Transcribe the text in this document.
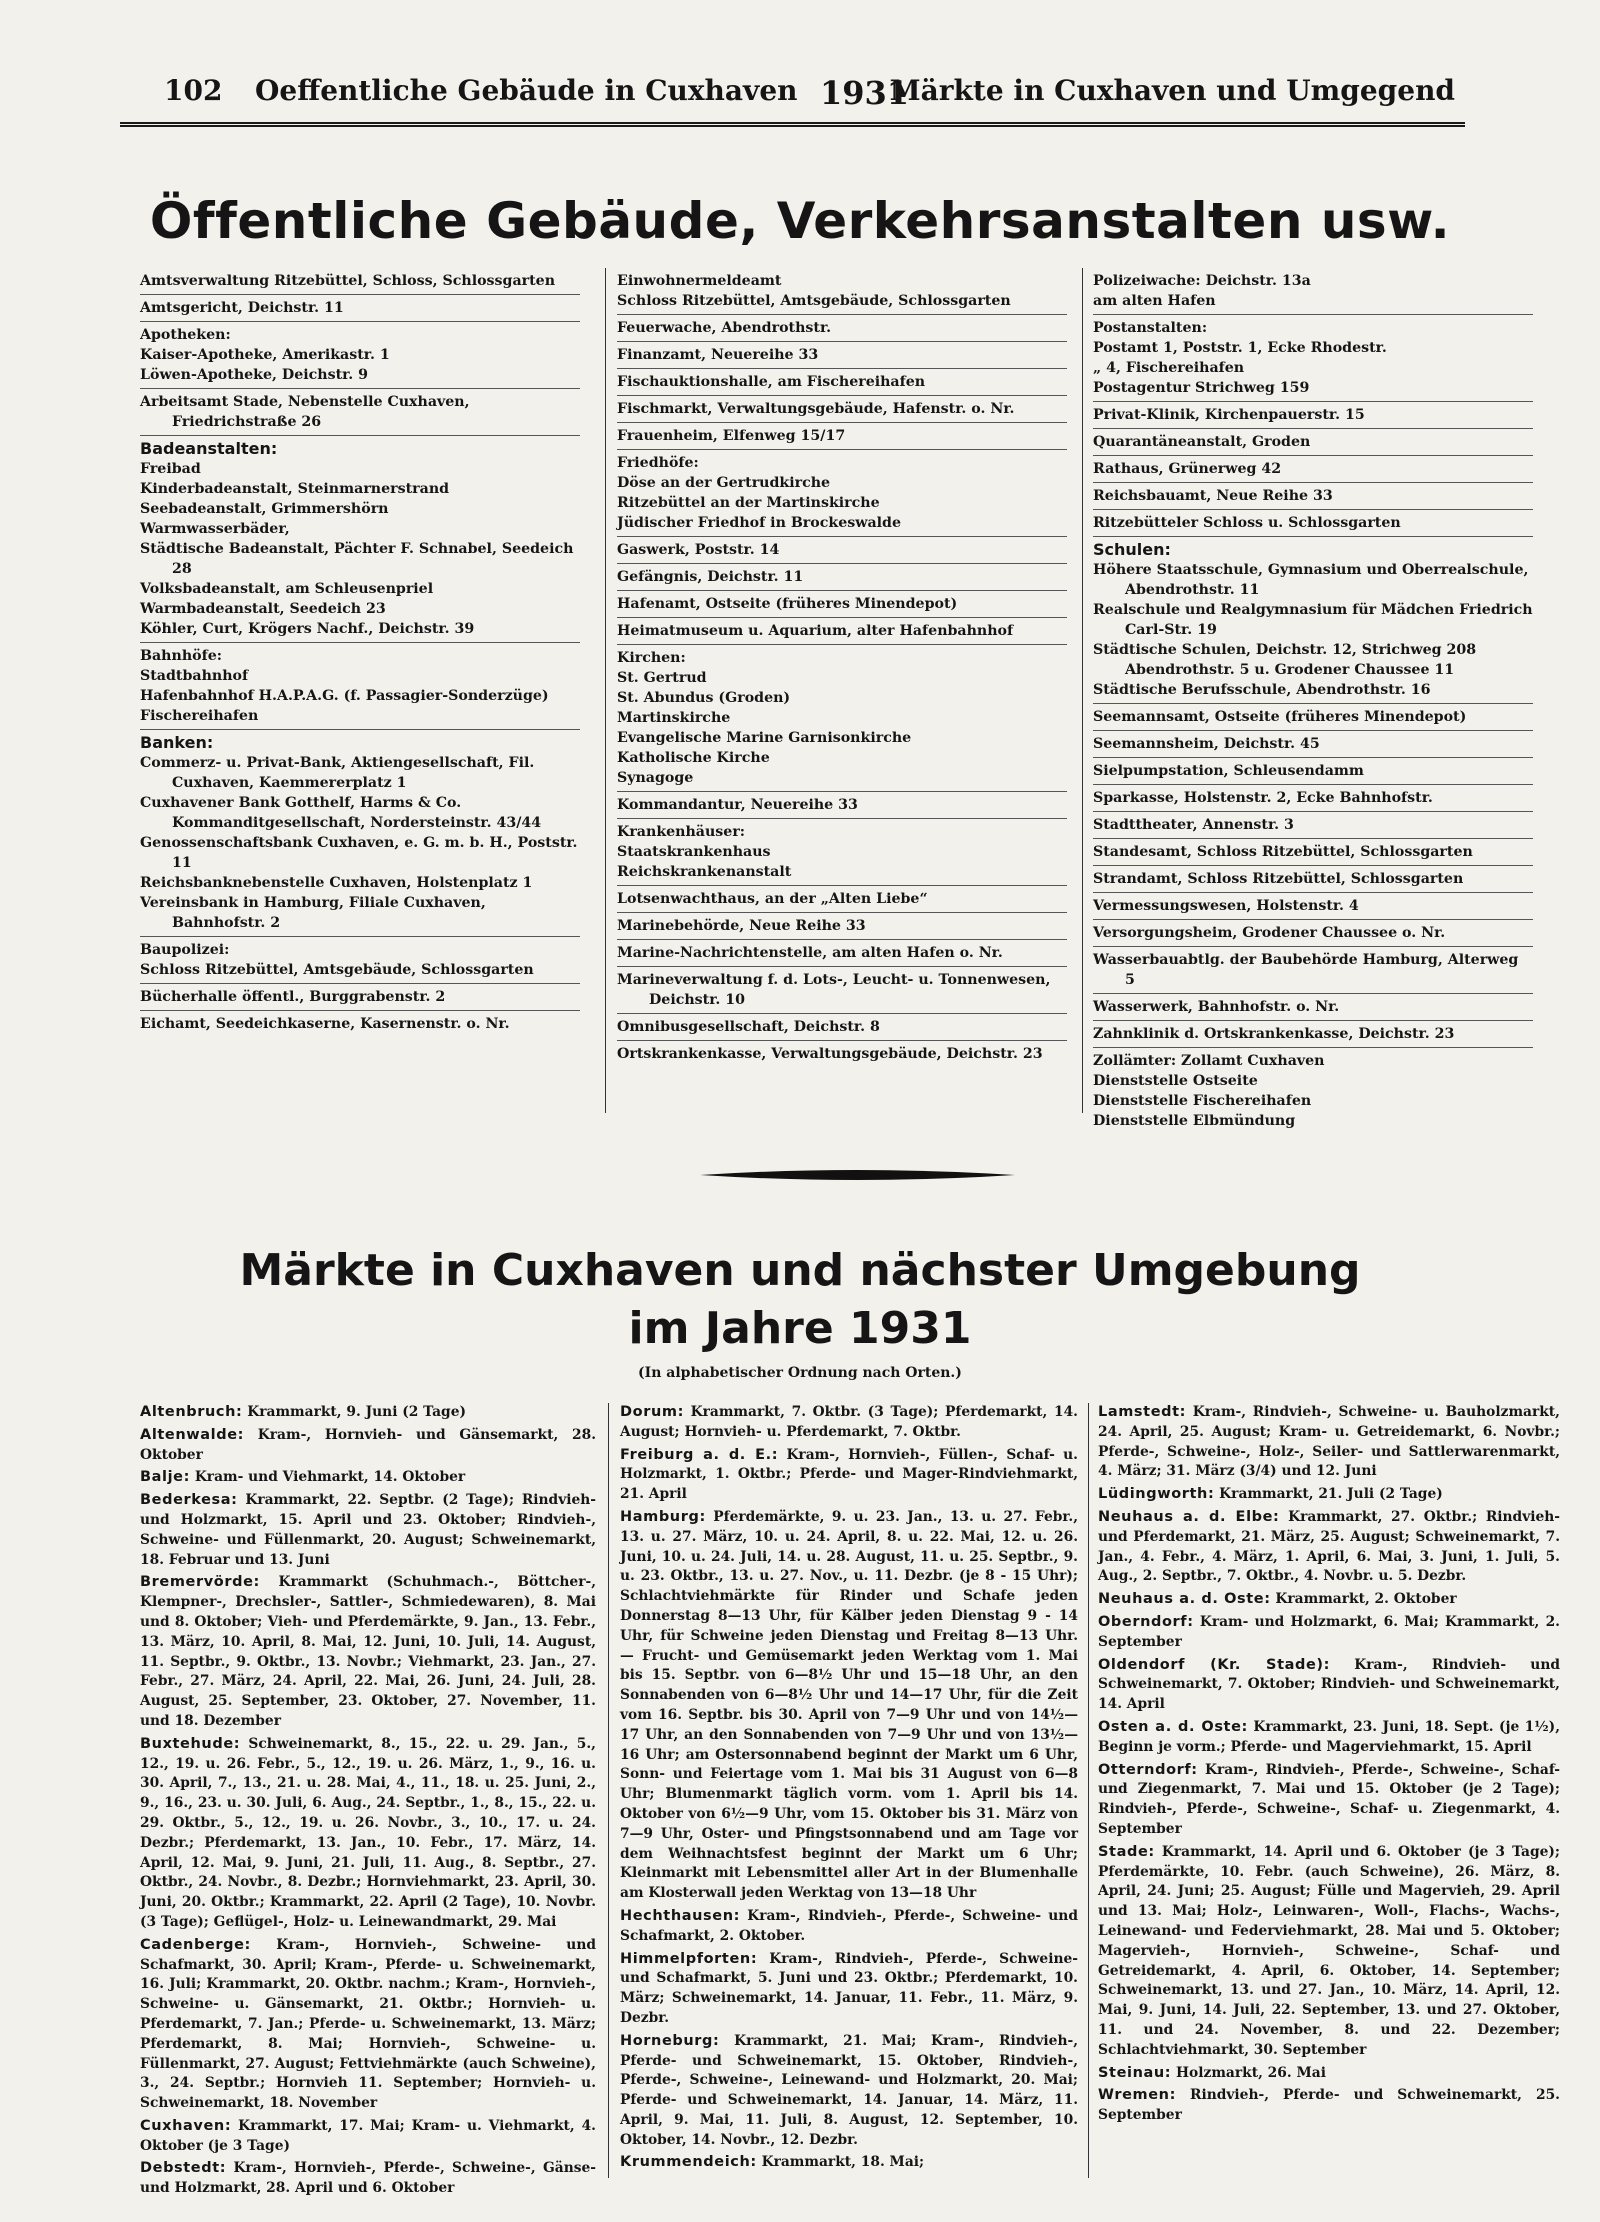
102 Oeffentliche Gebäude in Cuxhaven 1931
Märkte in Cuxhaven und Umgegend
Öffentliche Gebäude, Verkehrsanstalten usw.
Amtsverwaltung Ritzebüttel, Schloss, Schlossgarten
Amtsgericht, Deichstr. 11
Apotheken:
Kaiser-Apotheke, Amerikastr. 1
Löwen-Apotheke, Deichstr. 9
Arbeitsamt Stade, Nebenstelle Cuxhaven, Friedrichstraße 26
Badeanstalten:
Freibad
Kinderbadeanstalt, Steinmarnerstrand
Seebadeanstalt, Grimmershörn
Warmwasserbäder,
Städtische Badeanstalt, Pächter F. Schnabel, Seedeich 28
Volksbadeanstalt, am Schleusenpriel
Warmbadeanstalt, Seedeich 23
Köhler, Curt, Krögers Nachf., Deichstr. 39
Bahnhöfe:
Stadtbahnhof
Hafenbahnhof H.A.P.A.G. (f. Passagier-Sonderzüge)
Fischereihafen
Banken:
Commerz- u. Privat-Bank, Aktiengesellschaft, Fil. Cuxhaven, Kaemmererplatz 1
Cuxhavener Bank Gotthelf, Harms & Co. Kommanditgesellschaft, Nordersteinstr. 43/44
Genossenschaftsbank Cuxhaven, e. G. m. b. H., Poststr. 11
Reichsbanknebenstelle Cuxhaven, Holstenplatz 1
Vereinsbank in Hamburg, Filiale Cuxhaven, Bahnhofstr. 2
Baupolizei:
Schloss Ritzebüttel, Amtsgebäude, Schlossgarten
Bücherhalle öffentl., Burggrabenstr. 2
Eichamt, Seedeichkaserne, Kasernenstr. o. Nr.
Einwohnermeldeamt
Schloss Ritzebüttel, Amtsgebäude, Schlossgarten
Feuerwache, Abendrothstr.
Finanzamt, Neuereihe 33
Fischauktionshalle, am Fischereihafen
Fischmarkt, Verwaltungsgebäude, Hafenstr. o. Nr.
Frauenheim, Elfenweg 15/17
Friedhöfe:
Döse an der Gertrudkirche
Ritzebüttel an der Martinskirche
Jüdischer Friedhof in Brockeswalde
Gaswerk, Poststr. 14
Gefängnis, Deichstr. 11
Hafenamt, Ostseite (früheres Minendepot)
Heimatmuseum u. Aquarium, alter Hafenbahnhof
Kirchen:
St. Gertrud
St. Abundus (Groden)
Martinskirche
Evangelische Marine Garnisonkirche
Katholische Kirche
Synagoge
Kommandantur, Neuereihe 33
Krankenhäuser:
Staatskrankenhaus
Reichskrankenanstalt
Lotsenwachthaus, an der „Alten Liebe“
Marinebehörde, Neue Reihe 33
Marine-Nachrichtenstelle, am alten Hafen o. Nr.
Marineverwaltung f. d. Lots-, Leucht- u. Tonnenwesen, Deichstr. 10
Omnibusgesellschaft, Deichstr. 8
Ortskrankenkasse, Verwaltungsgebäude, Deichstr. 23
Polizeiwache: Deichstr. 13a
am alten Hafen
Postanstalten:
Postamt 1, Poststr. 1, Ecke Rhodestr.
„ 4, Fischereihafen
Postagentur Strichweg 159
Privat-Klinik, Kirchenpauerstr. 15
Quarantäneanstalt, Groden
Rathaus, Grünerweg 42
Reichsbauamt, Neue Reihe 33
Ritzebütteler Schloss u. Schlossgarten
Schulen:
Höhere Staatsschule, Gymnasium und Oberrealschule, Abendrothstr. 11
Realschule und Realgymnasium für Mädchen Friedrich Carl-Str. 19
Städtische Schulen, Deichstr. 12, Strichweg 208 Abendrothstr. 5 u. Grodener Chaussee 11
Städtische Berufsschule, Abendrothstr. 16
Seemannsamt, Ostseite (früheres Minendepot)
Seemannsheim, Deichstr. 45
Sielpumpstation, Schleusendamm
Sparkasse, Holstenstr. 2, Ecke Bahnhofstr.
Stadttheater, Annenstr. 3
Standesamt, Schloss Ritzebüttel, Schlossgarten
Strandamt, Schloss Ritzebüttel, Schlossgarten
Vermessungswesen, Holstenstr. 4
Versorgungsheim, Grodener Chaussee o. Nr.
Wasserbauabtlg. der Baubehörde Hamburg, Alterweg 5
Wasserwerk, Bahnhofstr. o. Nr.
Zahnklinik d. Ortskrankenkasse, Deichstr. 23
Zollämter: Zollamt Cuxhaven
Dienststelle Ostseite
Dienststelle Fischereihafen
Dienststelle Elbmündung
Märkte in Cuxhaven und nächster Umgebung
im Jahre 1931
(In alphabetischer Ordnung nach Orten.)
Altenbruch: Krammarkt, 9. Juni (2 Tage)
Altenwalde: Kram-, Hornvieh- und Gänsemarkt, 28. Oktober
Balje: Kram- und Viehmarkt, 14. Oktober
Bederkesa: Krammarkt, 22. Septbr. (2 Tage); Rindvieh- und Holzmarkt, 15. April und 23. Oktober; Rindvieh-, Schweine- und Füllenmarkt, 20. August; Schweinemarkt, 18. Februar und 13. Juni
Bremervörde: Krammarkt (Schuhmach.-, Böttcher-, Klempner-, Drechsler-, Sattler-, Schmiedewaren), 8. Mai und 8. Oktober; Vieh- und Pferdemärkte, 9. Jan., 13. Febr., 13. März, 10. April, 8. Mai, 12. Juni, 10. Juli, 14. August, 11. Septbr., 9. Oktbr., 13. Novbr.; Viehmarkt, 23. Jan., 27. Febr., 27. März, 24. April, 22. Mai, 26. Juni, 24. Juli, 28. August, 25. September, 23. Oktober, 27. November, 11. und 18. Dezember
Buxtehude: Schweinemarkt, 8., 15., 22. u. 29. Jan., 5., 12., 19. u. 26. Febr., 5., 12., 19. u. 26. März, 1., 9., 16. u. 30. April, 7., 13., 21. u. 28. Mai, 4., 11., 18. u. 25. Juni, 2., 9., 16., 23. u. 30. Juli, 6. Aug., 24. Septbr., 1., 8., 15., 22. u. 29. Oktbr., 5., 12., 19. u. 26. Novbr., 3., 10., 17. u. 24. Dezbr.; Pferdemarkt, 13. Jan., 10. Febr., 17. März, 14. April, 12. Mai, 9. Juni, 21. Juli, 11. Aug., 8. Septbr., 27. Oktbr., 24. Novbr., 8. Dezbr.; Hornviehmarkt, 23. April, 30. Juni, 20. Oktbr.; Krammarkt, 22. April (2 Tage), 10. Novbr. (3 Tage); Geflügel-, Holz- u. Leinewandmarkt, 29. Mai
Cadenberge: Kram-, Hornvieh-, Schweine- und Schafmarkt, 30. April; Kram-, Pferde- u. Schweinemarkt, 16. Juli; Krammarkt, 20. Oktbr. nachm.; Kram-, Hornvieh-, Schweine- u. Gänsemarkt, 21. Oktbr.; Hornvieh- u. Pferdemarkt, 7. Jan.; Pferde- u. Schweinemarkt, 13. März; Pferdemarkt, 8. Mai; Hornvieh-, Schweine- u. Füllenmarkt, 27. August; Fettviehmärkte (auch Schweine), 3., 24. Septbr.; Hornvieh 11. September; Hornvieh- u. Schweinemarkt, 18. November
Cuxhaven: Krammarkt, 17. Mai; Kram- u. Viehmarkt, 4. Oktober (je 3 Tage)
Debstedt: Kram-, Hornvieh-, Pferde-, Schweine-, Gänse- und Holzmarkt, 28. April und 6. Oktober
Dorum: Krammarkt, 7. Oktbr. (3 Tage); Pferdemarkt, 14. August; Hornvieh- u. Pferdemarkt, 7. Oktbr.
Freiburg a. d. E.: Kram-, Hornvieh-, Füllen-, Schaf- u. Holzmarkt, 1. Oktbr.; Pferde- und Mager-Rindviehmarkt, 21. April
Hamburg: Pferdemärkte, 9. u. 23. Jan., 13. u. 27. Febr., 13. u. 27. März, 10. u. 24. April, 8. u. 22. Mai, 12. u. 26. Juni, 10. u. 24. Juli, 14. u. 28. August, 11. u. 25. Septbr., 9. u. 23. Oktbr., 13. u. 27. Nov., u. 11. Dezbr. (je 8 - 15 Uhr); Schlachtviehmärkte für Rinder und Schafe jeden Donnerstag 8—13 Uhr, für Kälber jeden Dienstag 9 - 14 Uhr, für Schweine jeden Dienstag und Freitag 8—13 Uhr. — Frucht- und Gemüsemarkt jeden Werktag vom 1. Mai bis 15. Septbr. von 6—8½ Uhr und 15—18 Uhr, an den Sonnabenden von 6—8½ Uhr und 14—17 Uhr, für die Zeit vom 16. Septbr. bis 30. April von 7—9 Uhr und von 14½—17 Uhr, an den Sonnabenden von 7—9 Uhr und von 13½—16 Uhr; am Ostersonnabend beginnt der Markt um 6 Uhr, Sonn- und Feiertage vom 1. Mai bis 31 August von 6—8 Uhr; Blumenmarkt täglich vorm. vom 1. April bis 14. Oktober von 6½—9 Uhr, vom 15. Oktober bis 31. März von 7—9 Uhr, Oster- und Pfingstsonnabend und am Tage vor dem Weihnachtsfest beginnt der Markt um 6 Uhr; Kleinmarkt mit Lebensmittel aller Art in der Blumenhalle am Klosterwall jeden Werktag von 13—18 Uhr
Hechthausen: Kram-, Rindvieh-, Pferde-, Schweine- und Schafmarkt, 2. Oktober.
Himmelpforten: Kram-, Rindvieh-, Pferde-, Schweine- und Schafmarkt, 5. Juni und 23. Oktbr.; Pferdemarkt, 10. März; Schweinemarkt, 14. Januar, 11. Febr., 11. März, 9. Dezbr.
Horneburg: Krammarkt, 21. Mai; Kram-, Rindvieh-, Pferde- und Schweinemarkt, 15. Oktober, Rindvieh-, Pferde-, Schweine-, Leinewand- und Holzmarkt, 20. Mai; Pferde- und Schweinemarkt, 14. Januar, 14. März, 11. April, 9. Mai, 11. Juli, 8. August, 12. September, 10. Oktober, 14. Novbr., 12. Dezbr.
Krummendeich: Krammarkt, 18. Mai;
Lamstedt: Kram-, Rindvieh-, Schweine- u. Bauholzmarkt, 24. April, 25. August; Kram- u. Getreidemarkt, 6. Novbr.; Pferde-, Schweine-, Holz-, Seiler- und Sattlerwarenmarkt, 4. März; 31. März (3/4) und 12. Juni
Lüdingworth: Krammarkt, 21. Juli (2 Tage)
Neuhaus a. d. Elbe: Krammarkt, 27. Oktbr.; Rindvieh- und Pferdemarkt, 21. März, 25. August; Schweinemarkt, 7. Jan., 4. Febr., 4. März, 1. April, 6. Mai, 3. Juni, 1. Juli, 5. Aug., 2. Septbr., 7. Oktbr., 4. Novbr. u. 5. Dezbr.
Neuhaus a. d. Oste: Krammarkt, 2. Oktober
Oberndorf: Kram- und Holzmarkt, 6. Mai; Krammarkt, 2. September
Oldendorf (Kr. Stade): Kram-, Rindvieh- und Schweinemarkt, 7. Oktober; Rindvieh- und Schweinemarkt, 14. April
Osten a. d. Oste: Krammarkt, 23. Juni, 18. Sept. (je 1½), Beginn je vorm.; Pferde- und Magerviehmarkt, 15. April
Otterndorf: Kram-, Rindvieh-, Pferde-, Schweine-, Schaf- und Ziegenmarkt, 7. Mai und 15. Oktober (je 2 Tage); Rindvieh-, Pferde-, Schweine-, Schaf- u. Ziegenmarkt, 4. September
Stade: Krammarkt, 14. April und 6. Oktober (je 3 Tage); Pferdemärkte, 10. Febr. (auch Schweine), 26. März, 8. April, 24. Juni; 25. August; Fülle und Magervieh, 29. April und 13. Mai; Holz-, Leinwaren-, Woll-, Flachs-, Wachs-, Leinewand- und Federviehmarkt, 28. Mai und 5. Oktober; Magervieh-, Hornvieh-, Schweine-, Schaf- und Getreidemarkt, 4. April, 6. Oktober, 14. September; Schweinemarkt, 13. und 27. Jan., 10. März, 14. April, 12. Mai, 9. Juni, 14. Juli, 22. September, 13. und 27. Oktober, 11. und 24. November, 8. und 22. Dezember; Schlachtviehmarkt, 30. September
Steinau: Holzmarkt, 26. Mai
Wremen: Rindvieh-, Pferde- und Schweinemarkt, 25. September
